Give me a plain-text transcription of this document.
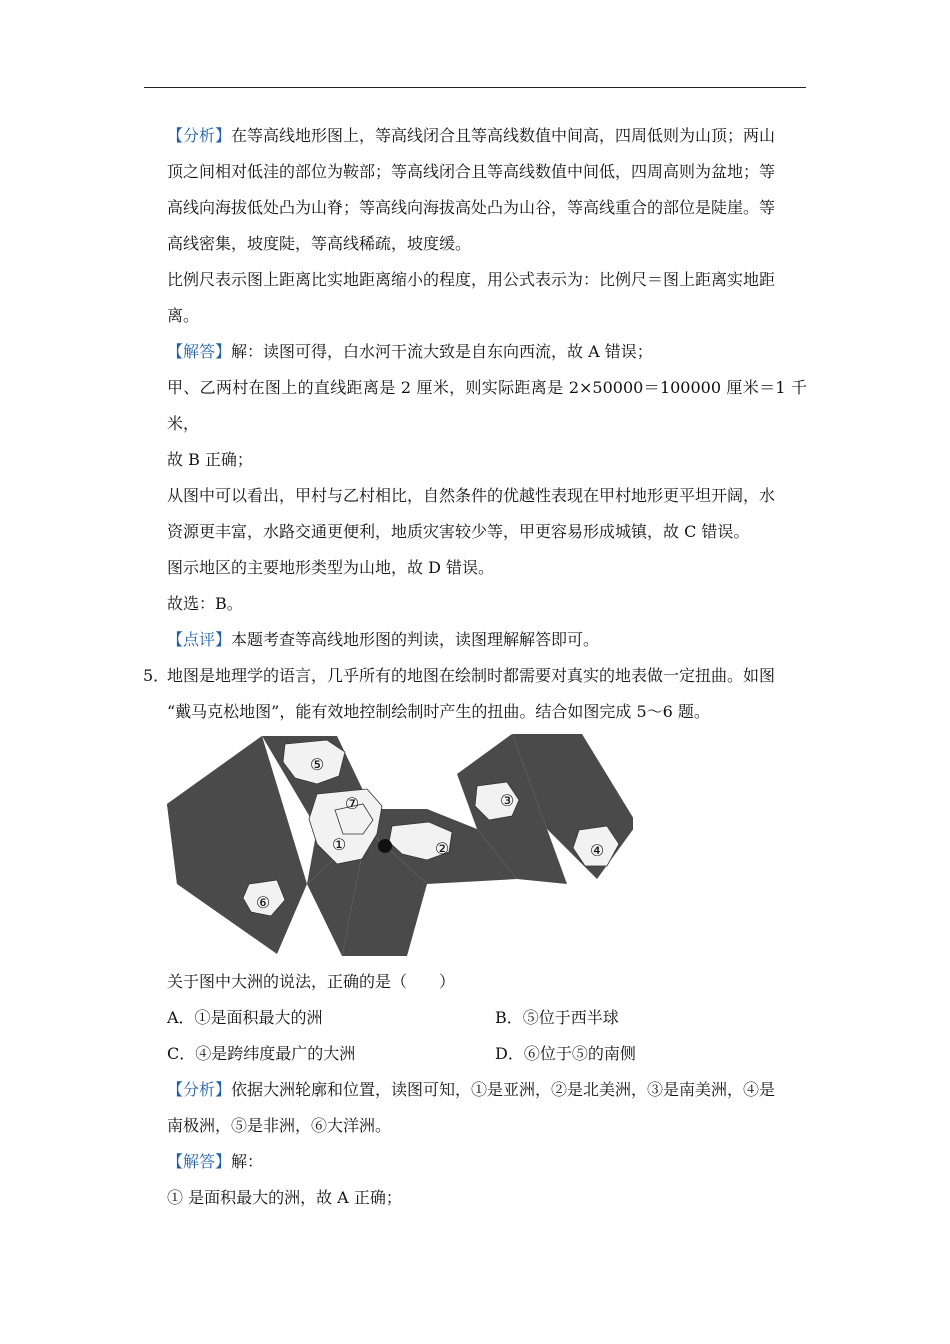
【分析】在等高线地形图上，等高线闭合且等高线数值中间高，四周低则为山顶；两山

顶之间相对低洼的部位为鞍部；等高线闭合且等高线数值中间低，四周高则为盆地；等

高线向海拔低处凸为山脊；等高线向海拔高处凸为山谷，等高线重合的部位是陡崖。等

高线密集，坡度陡，等高线稀疏，坡度缓。

比例尺表示图上距离比实地距离缩小的程度，用公式表示为：比例尺＝图上距离实地距

离。

【解答】解：读图可得，白水河干流大致是自东向西流，故 A 错误；

甲、乙两村在图上的直线距离是 2 厘米，则实际距离是 2×50000＝100000 厘米＝1 千米，

故 B 正确；

从图中可以看出，甲村与乙村相比，自然条件的优越性表现在甲村地形更平坦开阔，水

资源更丰富，水路交通更便利，地质灾害较少等，甲更容易形成城镇，故 C 错误。

图示地区的主要地形类型为山地，故 D 错误。

故选：B。

【点评】本题考查等高线地形图的判读，读图理解解答即可。

5．

地图是地理学的语言，几乎所有的地图在绘制时都需要对真实的地表做一定扭曲。如图

“戴马克松地图”，能有效地控制绘制时产生的扭曲。结合如图完成 5～6 题。

⑤
⑦
①	②
③
④
⑥

关于图中大洲的说法，正确的是（　　）

A．①是面积最大的洲	B．⑤位于西半球
C．④是跨纬度最广的大洲	D．⑥位于⑤的南侧

【分析】依据大洲轮廓和位置，读图可知，①是亚洲，②是北美洲，③是南美洲，④是

南极洲，⑤是非洲，⑥大洋洲。

【解答】解：

① 是面积最大的洲，故 A 正确；
